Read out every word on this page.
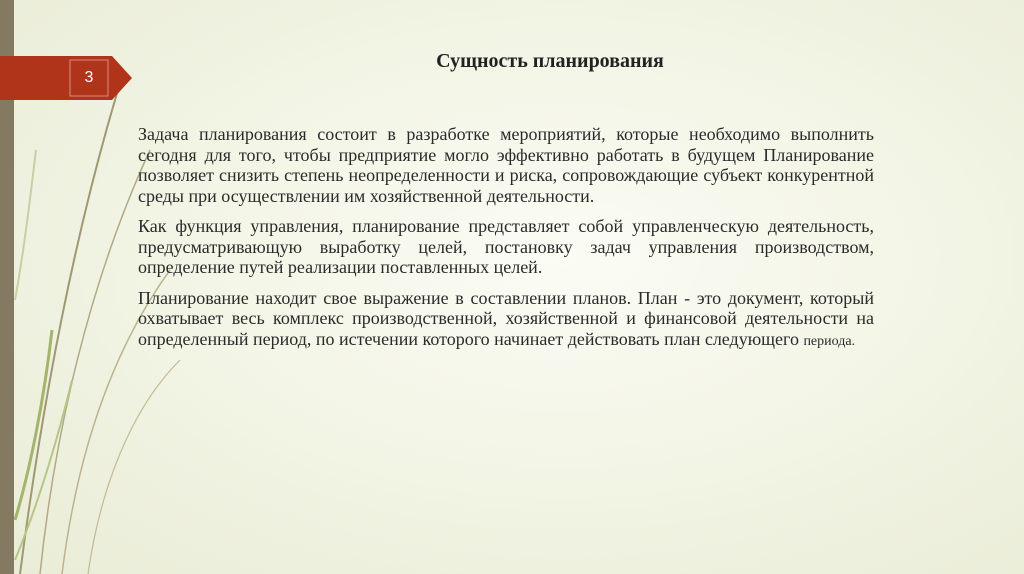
3
Сущность планирования

Задача планирования состоит в разработке мероприятий, которые необходимо выполнить сегодня для того, чтобы предприятие могло эффективно работать в будущем Планирование позволяет снизить степень неопределенности и риска, сопровождающие субъект конкурентной среды при осуществлении им хозяйственной деятельности.

Как функция управления, планирование представляет собой управленческую деятельность, предусматривающую выработку целей, постановку задач управления производством, определение путей реализации поставленных целей.

Планирование находит свое выражение в составлении планов. План - это документ, который охватывает весь комплекс производственной, хозяйственной и финансовой деятельности на определенный период, по истечении которого начинает действовать план следующего периода.
